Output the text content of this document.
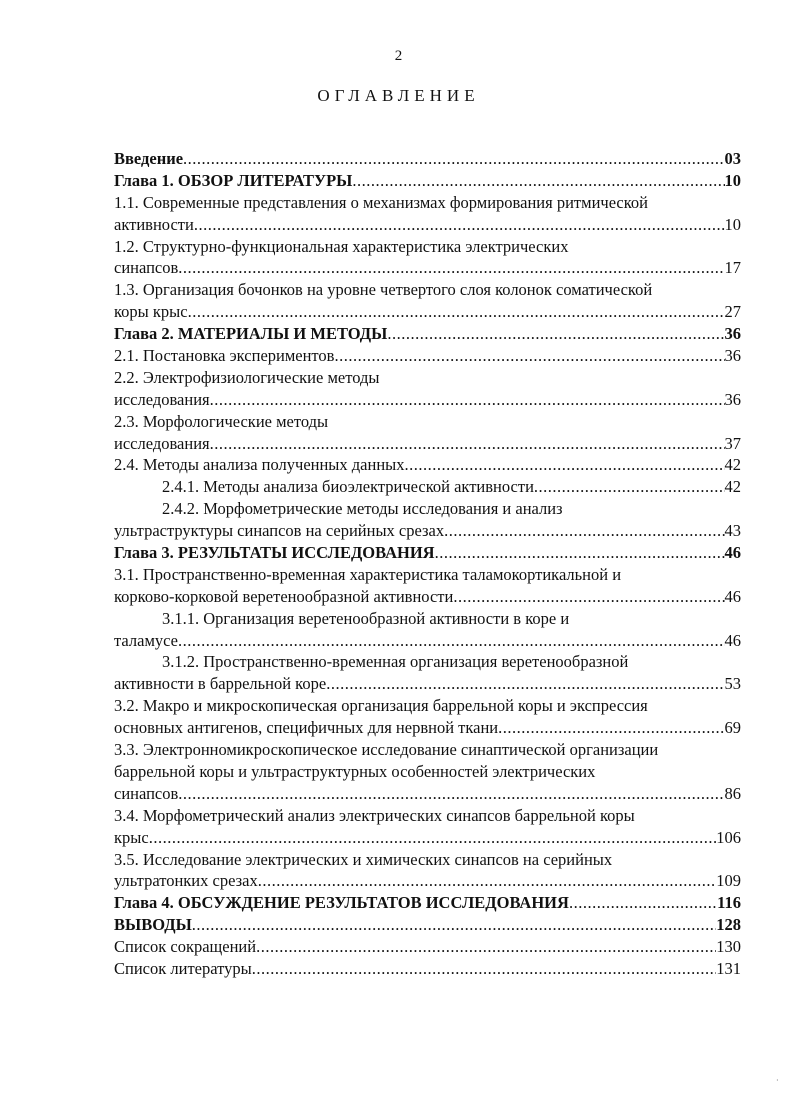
2
ОГЛАВЛЕНИЕ
Введение .....	03
Глава 1. ОБЗОР ЛИТЕРАТУРЫ .....	10
1.1. Современные представления о механизмах формирования ритмической
активности .....	10
1.2. Структурно-функциональная характеристика электрических
синапсов .....	17
1.3. Организация бочонков на уровне четвертого слоя колонок соматической
коры крыс .....	27
Глава 2. МАТЕРИАЛЫ И МЕТОДЫ .....	36
2.1. Постановка экспериментов .....	36
2.2. Электрофизиологические методы
исследования .....	36
2.3. Морфологические методы
исследования .....	37
2.4. Методы анализа полученных данных .....	42
2.4.1. Методы анализа биоэлектрической активности .....	42
2.4.2. Морфометрические методы исследования и анализ
ультраструктуры синапсов на серийных срезах .....	43
Глава 3. РЕЗУЛЬТАТЫ ИССЛЕДОВАНИЯ .....	46
3.1. Пространственно-временная характеристика таламокортикальной и
корково-корковой веретенообразной активности .....	46
3.1.1. Организация веретенообразной активности в коре и
таламусе .....	46
3.1.2. Пространственно-временная организация веретенообразной
активности в баррельной коре .....	53
3.2. Макро и микроскопическая организация баррельной коры и экспрессия
основных антигенов, специфичных для нервной ткани .....	69
3.3. Электронномикроскопическое исследование синаптической организации
баррельной коры и ультраструктурных особенностей электрических
синапсов .....	86
3.4. Морфометрический анализ электрических синапсов баррельной коры
крыс .....	106
3.5. Исследование электрических и химических синапсов на серийных
ультратонких срезах .....	109
Глава 4. ОБСУЖДЕНИЕ РЕЗУЛЬТАТОВ ИССЛЕДОВАНИЯ .....	116
ВЫВОДЫ .....	128
Список сокращений .....	130
Список литературы .....	131
·
